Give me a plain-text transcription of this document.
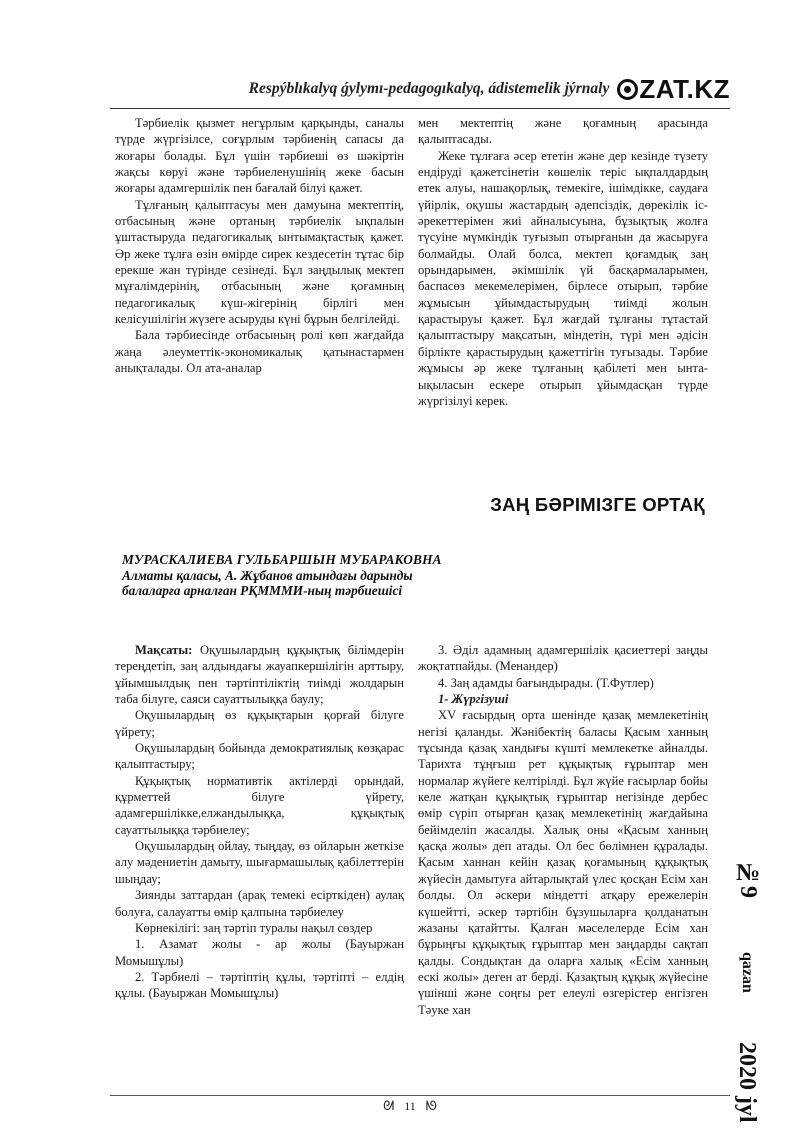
Respýblıkalyq ǵylymı-pedagogıkalyq, ádistemelik jýrnaly ZAT.KZ

Тәрбиелік қызмет негұрлым қарқынды, саналы түрде жүргізілсе, соғұрлым тәрбиенің сапасы да жоғары болады. Бұл үшін тәрбиеші өз шәкіртін жақсы көруі және тәрбиеленушінің жеке басын жоғары адамгершілік пен бағалай білуі қажет.

Тұлғаның қалыптасуы мен дамуына мектептің, отбасының және ортаның тәрбиелік ықпалын ұштастыруда педагогикалық ынтымақтастық қажет. Әр жеке тұлға өзін өмірде сирек кездесетін тұтас бір ерекше жан түрінде сезінеді. Бұл заңдылық мектеп мұғалімдерінің, отбасының және қоғамның педагогикалық күш-жігерінің бірлігі мен келісушілігін жүзеге асыруды күні бұрын белгілейді.

Бала тәрбиесінде отбасының ролі көп жағдайда жаңа әлеуметтік-экономикалық қатынастармен анықталады. Ол ата-аналар

мен мектептің және қоғамның арасында қалыптасады.

Жеке тұлғаға әсер ететін және дер кезінде түзету ендіруді қажетсінетін көшелік теріс ықпалдардың етек алуы, нашақорлық, темекіге, ішімдікке, саудаға үйірлік, оқушы жастардың әдепсіздік, дөрекілік іс-әрекеттерімен жиі айналысуына, бұзықтық жолға түсуіне мүмкіндік туғызып отырғанын да жасыруға болмайды. Олай болса, мектеп қоғамдық заң орындарымен, әкімшілік үй басқармаларымен, баспасөз мекемелерімен, бірлесе отырып, тәрбие жұмысын ұйымдастырудың тиімді жолын қарастыруы қажет. Бұл жағдай тұлғаны тұтастай қалыптастыру мақсатын, міндетін, түрі мен әдісін бірлікте қарастырудың қажеттігін туғызады. Тәрбие жұмысы әр жеке тұлғаның қабілеті мен ынта-ықыласын ескере отырып ұйымдасқан түрде жүргізілуі керек.

ЗАҢ БӘРІМІЗГЕ ОРТАҚ
МУРАСКАЛИЕВА ГУЛЬБАРШЫН МУБАРАКОВНА
Алматы қаласы, А. Жұбанов атындағы дарынды
балаларға арналған РҚМММИ-ның тәрбиешісі

Мақсаты: Оқушылардың құқықтық білімдерін тереңдетіп, заң алдындағы жауапкершілігін арттыру, ұйымшылдық пен тәртіптіліктің тиімді жолдарын таба білуге, саяси сауаттылыққа баулу;

Оқушылардың өз құқықтарын қорғай білуге үйрету;

Оқушылардың бойында демократиялық көзқарас қалыптастыру;

Құқықтық нормативтік актілерді орындай, құрметтей білуге үйрету, адамгершілікке,елжандылыққа, құқықтық сауаттылыққа тәрбиелеу;

Оқушылардың ойлау, тыңдау, өз ойларын жеткізе алу мәдениетін дамыту, шығармашылық қабілеттерін шыңдау;

Зиянды заттардан (арақ темекі есірткіден) аулақ болуға, салауатты өмір қалпына тәрбиелеу

Көрнекілігі: заң тәртіп туралы нақыл сөздер

1. Азамат жолы - ар жолы (Бауыржан Момышұлы)

2. Тәрбиелі – тәртіптің құлы, тәртіпті – елдің құлы. (Бауыржан Момышұлы)

3. Әділ адамның адамгершілік қасиеттері заңды жоқтатпайды. (Менандер)

4. Заң адамды бағындырады. (Т.Футлер)

1- Жүргізуші

XV ғасырдың орта шенінде қазақ мемлекетінің негізі қаланды. Жәнібектің баласы Қасым ханның тұсында қазақ хандығы күшті мемлекетке айналды. Тарихта тұңғыш рет құқықтық ғұрыптар мен нормалар жүйеге келтірілді. Бұл жүйе ғасырлар бойы келе жатқан құқықтық ғұрыптар негізінде дербес өмір сүріп отырған қазақ мемлекетінің жағдайына бейімделіп жасалды. Халық оны «Қасым ханның қасқа жолы» деп атады. Ол бес бөлімнен құралады. Қасым ханнан кейін қазақ қоғамының құқықтық жүйесін дамытуға айтарлықтай үлес қосқан Есім хан болды. Ол әскери міндетті атқару ережелерін күшейтті, әскер тәртібін бұзушыларға қолданатын жазаны қатайтты. Қалған мәселелерде Есім хан бұрыңғы құқықтық ғұрыптар мен заңдарды сақтап қалды. Сондықтан да оларға халық «Есім ханның ескі жолы» деген ат берді. Қазақтың құқық жүйесіне үшінші және соңғы рет елеулі өзгерістер енгізген Тәуке хан

№9
qazan
2020 jyl
ᘛ 11 ᘚ
